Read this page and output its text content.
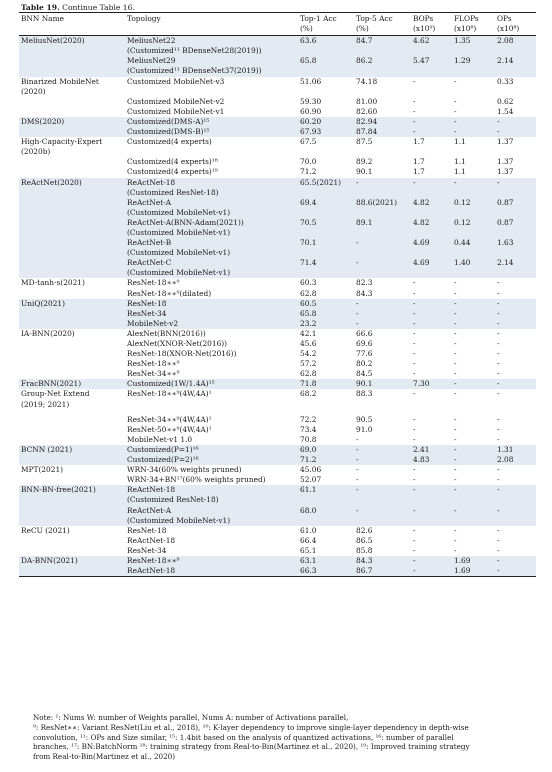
Table 19. Continue Table 16.
BNN Name	Topology	Top-1 Acc	Top-5 Acc	BOPs	FLOPs	OPs
		(%)	(%)	(x10⁹)	(x10⁸)	(x10⁸)
MeliusNet(2020)	MeliusNet22	63.6	84.7	4.62	1.35	2.08
	(Customized¹¹ BDenseNet28(2019))					
	MeliusNet29	65.8	86.2	5.47	1.29	2.14
	(Customized¹¹ BDenseNet37(2019))					
Binarized MobileNet	Customized MobileNet-v3	51.06	74.18	-	-	0.33
(2020)						
	Customized MobileNet-v2	59.30	81.00	-	-	0.62
	Customized MobileNet-v1	60.90	82.60	-	-	1.54
DMS(2020)	Customized(DMS-A)¹⁵	60.20	82.94	-	-	-
	Customized(DMS-B)¹⁵	67.93	87.84	-	-	-
High-Capacity-Expert	Customized(4 experts)	67.5	87.5	1.7	1.1	1.37
(2020b)						
	Customized(4 experts)¹⁸	70.0	89.2	1.7	1.1	1.37
	Customized(4 experts)¹⁹	71.2	90.1	1.7	1.1	1.37
ReActNet(2020)	ReActNet-18	65.5(2021)	-	-	-	-
	(Customized ResNet-18)					
	ReActNet-A	69.4	88.6(2021)	4.82	0.12	0.87
	(Customized MobileNet-v1)					
	ReActNet-A(BNN-Adam(2021))	70.5	89.1	4.82	0.12	0.87
	(Customized MobileNet-v1)					
	ReActNet-B	70.1	-	4.69	0.44	1.63
	(Customized MobileNet-v1)					
	ReActNet-C	71.4	-	4.69	1.40	2.14
	(Customized MobileNet-v1)					
MD-tanh-s(2021)	ResNet-18∗∗⁹	60.3	82.3	-	-	-
	ResNet-18∗∗⁹(dilated)	62.8	84.3	-	-	-
UniQ(2021)	ResNet-18	60.5	-	-	-	-
	ResNet-34	65.8	-	-	-	-
	MobileNet-v2	23.2	-	-	-	-
IA-BNN(2020)	AlexNet(BNN(2016))	42.1	66.6	-	-	-
	AlexNet(XNOR-Net(2016))	45.6	69.6	-	-	-
	ResNet-18(XNOR-Net(2016))	54.2	77.6	-	-	-
	ResNet-18∗∗⁹	57.2	80.2	-	-	-
	ResNet-34∗∗⁹	62.8	84.5	-	-	-
FracBNN(2021)	Customized(1W/1.4A)¹⁵	71.8	90.1	7.30	-	-
Group-Net Extend	ResNet-18∗∗⁹(4W,4A)¹	68.2	88.3	-	-	-
(2019; 2021)						

	ResNet-34∗∗⁹(4W,4A)¹	72.2	90.5	-	-	-
	ResNet-50∗∗⁹(4W,4A)¹	73.4	91.0	-	-	-
	MobileNet-v1 1.0	70.8	-	-	-	-
BCNN (2021)	Customized(P=1)¹⁶	69.0	-	2.41	-	1.31
	Customized(P=2)¹⁶	71.2	-	4.83	-	2.08
MPT(2021)	WRN-34(60% weights pruned)	45.06	-	-	-	-
	WRN-34+BN¹⁷(60% weights pruned)	52.07	-	-	-	-
BNN-BN-free(2021)	ReActNet-18	61.1	-	-	-	-
	(Customized ResNet-18)					
	ReActNet-A	68.0	-	-	-	-
	(Customized MobileNet-v1)					
ReCU (2021)	ResNet-18	61.0	82.6	-	-	-
	ReActNet-18	66.4	86.5	-	-	-
	ResNet-34	65.1	85.8	-	-	-
DA-BNN(2021)	ResNet-18∗∗⁹	63.1	84.3	-	1.69	-
	ReActNet-18	66.3	86.7	-	1.69	-
Note: ¹: Nums W: number of Weights parallel, Nums A: number of Activations parallel,
⁹: ResNet∗∗: Variant ResNet(Liu et al., 2018), ¹⁰: K-layer dependency to improve single-layer dependency in depth-wise
convolution, ¹¹: OPs and Size similar, ¹⁵: 1.4bit based on the analysis of quantized activations, ¹⁶: number of parallel
branches, ¹⁷: BN:BatchNorm ¹⁸: training strategy from Real-to-Bin(Martinez et al., 2020), ¹⁹: Improved training strategy
from Real-to-Bin(Martinez et al., 2020)
